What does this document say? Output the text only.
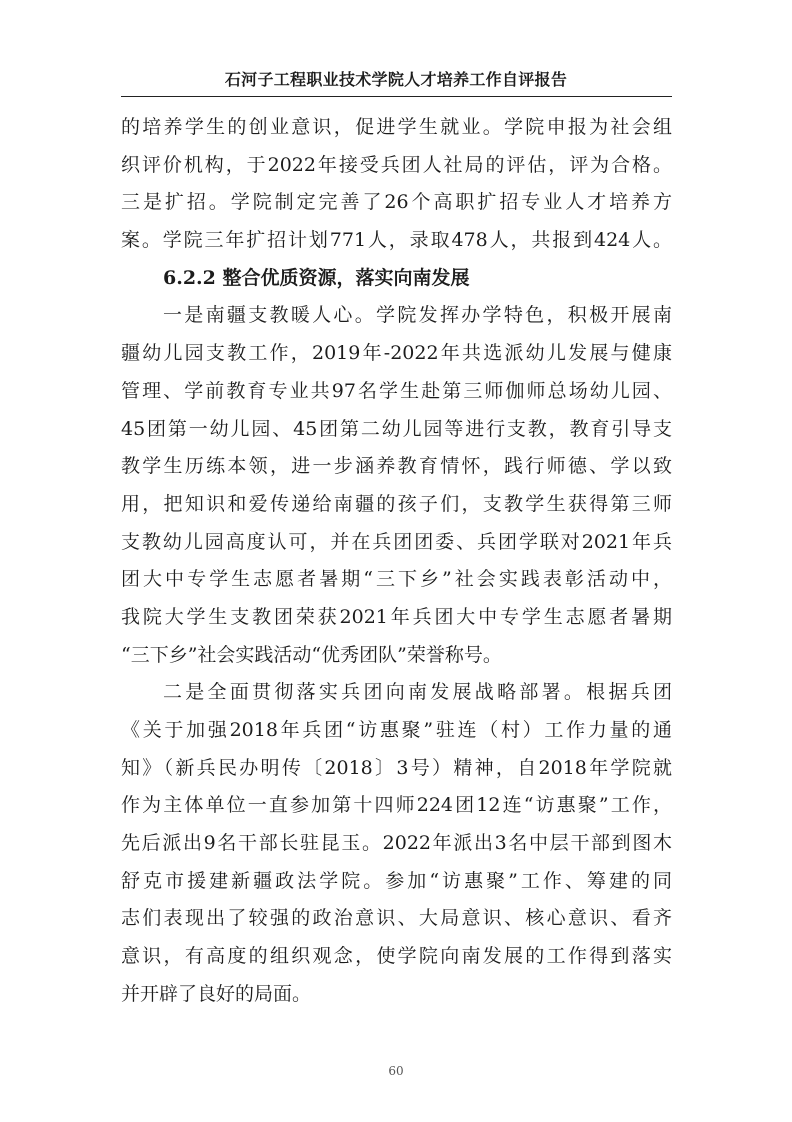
石河子工程职业技术学院人才培养工作自评报告
的培养学生的创业意识，促进学生就业。学院申报为社会组
织评价机构，于2022年接受兵团人社局的评估，评为合格。
三是扩招。学院制定完善了26个高职扩招专业人才培养方
案。学院三年扩招计划771人，录取478人，共报到424人。
6.2.2 整合优质资源，落实向南发展
一是南疆支教暖人心。学院发挥办学特色，积极开展南
疆幼儿园支教工作，2019年-2022年共选派幼儿发展与健康
管理、学前教育专业共97名学生赴第三师伽师总场幼儿园、
45团第一幼儿园、45团第二幼儿园等进行支教，教育引导支
教学生历练本领，进一步涵养教育情怀，践行师德、学以致
用，把知识和爱传递给南疆的孩子们，支教学生获得第三师
支教幼儿园高度认可，并在兵团团委、兵团学联对2021年兵
团大中专学生志愿者暑期“三下乡”社会实践表彰活动中，
我院大学生支教团荣获2021年兵团大中专学生志愿者暑期
“三下乡”社会实践活动“优秀团队”荣誉称号。
二是全面贯彻落实兵团向南发展战略部署。根据兵团
《关于加强2018年兵团“访惠聚”驻连（村）工作力量的通
知》（新兵民办明传〔2018〕3号）精神，自2018年学院就
作为主体单位一直参加第十四师224团12连“访惠聚”工作，
先后派出9名干部长驻昆玉。2022年派出3名中层干部到图木
舒克市援建新疆政法学院。参加“访惠聚”工作、筹建的同
志们表现出了较强的政治意识、大局意识、核心意识、看齐
意识，有高度的组织观念，使学院向南发展的工作得到落实
并开辟了良好的局面。
60
